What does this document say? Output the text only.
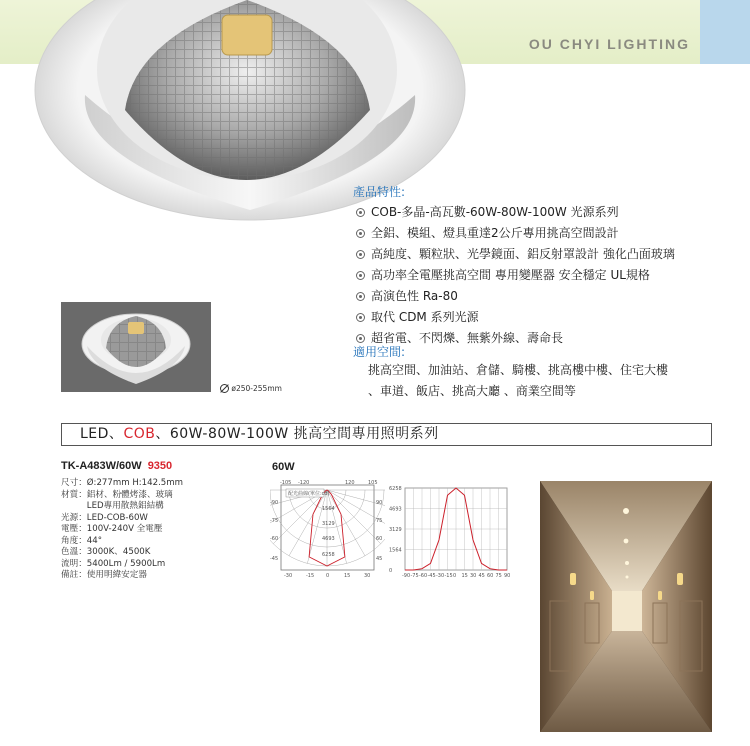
OU CHYI LIGHTING
ø250-255mm
產品特性:
COB-多晶-高瓦數-60W-80W-100W 光源系列
全鋁、模組、燈具重達2公斤專用挑高空間設計
高純度、顆粒狀、光學鏡面、鋁反射罩設計 強化凸面玻璃
高功率全電壓挑高空間 專用變壓器 安全穩定 UL規格
高演色性 Ra-80
取代 CDM 系列光源
超省電、不閃爍、無紫外線、壽命長
適用空間:
挑高空間、加油站、倉儲、騎樓、挑高樓中樓、住宅大樓
、車道、飯店、挑高大廳 、商業空間等
LED、COB、60W-80W-100W 挑高空間專用照明系列
TK-A483W/60W 9350
尺寸：Ø:277mm H:142.5mm
材質：鋁材、粉體烤漆、玻璃
　　　LED專用散熱鋁結構
光源：LED-COB-60W
電壓：100V-240V 全電壓
角度：44°
色溫：3000K、4500K
流明：5400Lm / 5900Lm
備註：使用明緯安定器
60W
配光曲線(單位:cd)
-105 -120	120	105
-90
-75
-60
-45
90
75
60
45
-30	-15 0	15	30
1564
3129
4693
6258
6258
4693
3129
1564
0
-90 -75 -60 -45 -30 -15 0 15 30 45 60 75 90
